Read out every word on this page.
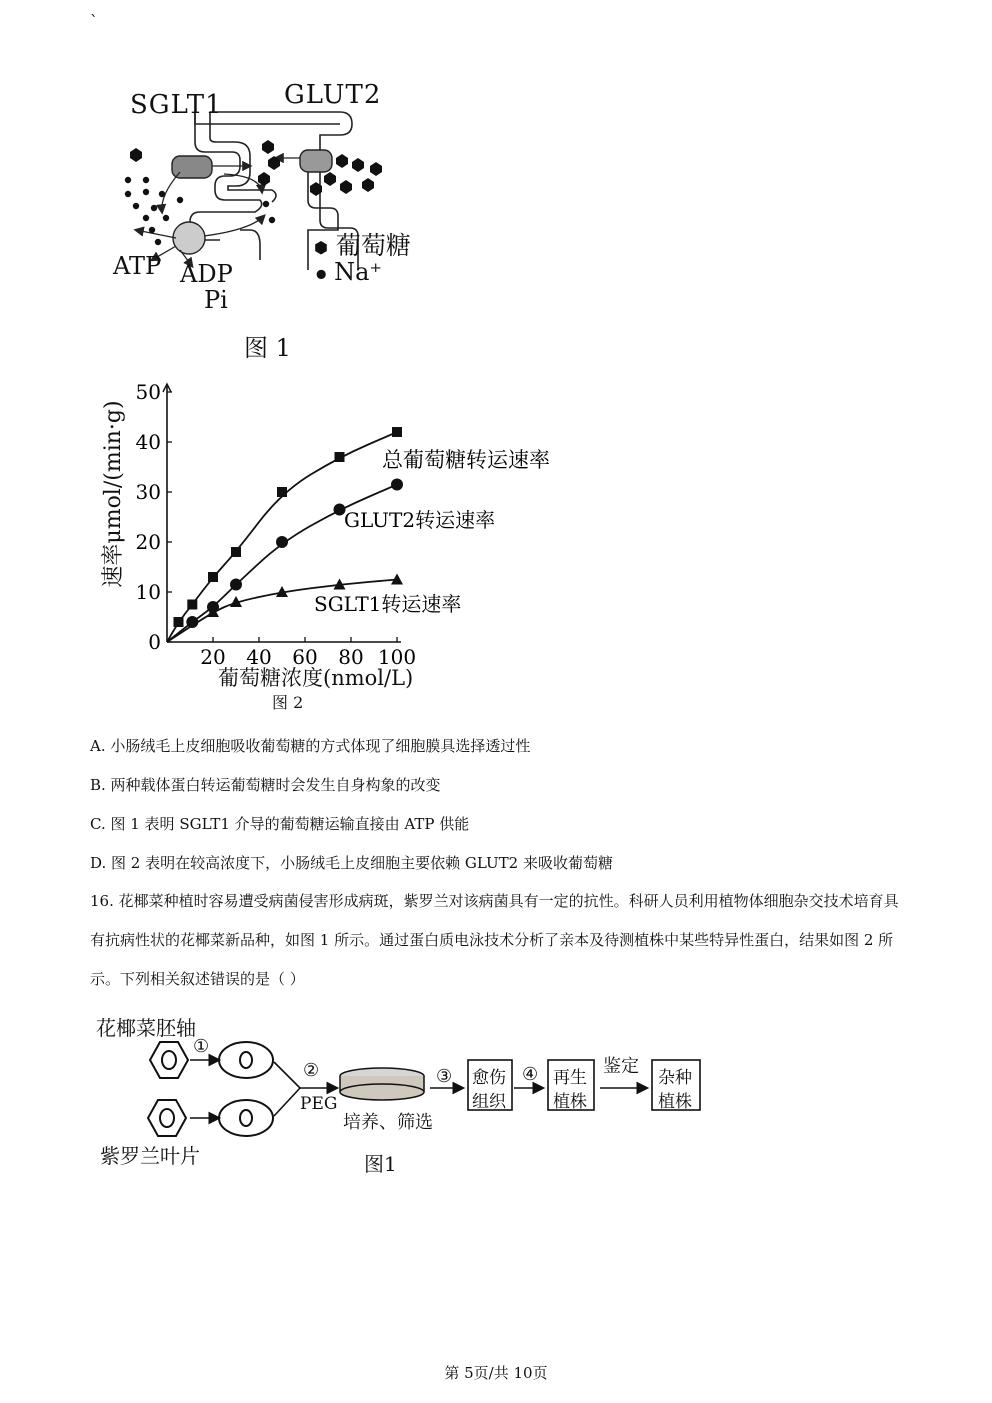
`
SGLT1 GLUT2
ATP ADP
Pi
⬢ 葡萄糖
● Na⁺
图 1
0
10
20
30
40
50
20 40 60 80 100
总葡萄糖转运速率
GLUT2转运速率
SGLT1转运速率
速率μmol/(min·g)
葡萄糖浓度(nmol/L)
图 2
A. 小肠绒毛上皮细胞吸收葡萄糖的方式体现了细胞膜具选择透过性
B. 两种载体蛋白转运葡萄糖时会发生自身构象的改变
C. 图 1 表明 SGLT1 介导的葡萄糖运输直接由 ATP 供能
D. 图 2 表明在较高浓度下，小肠绒毛上皮细胞主要依赖 GLUT2 来吸收葡萄糖
16. 花椰菜种植时容易遭受病菌侵害形成病斑，紫罗兰对该病菌具有一定的抗性。科研人员利用植物体细胞杂交技术培育具有抗病性状的花椰菜新品种，如图 1 所示。通过蛋白质电泳技术分析了亲本及待测植株中某些特异性蛋白，结果如图 2 所示。下列相关叙述错误的是（ ）
花椰菜胚轴
紫罗兰叶片
①
②
PEG
培养、筛选
③ 愈伤
组织
④ 再生
植株
鉴定
杂种
植株
图1
第 5页/共 10页
